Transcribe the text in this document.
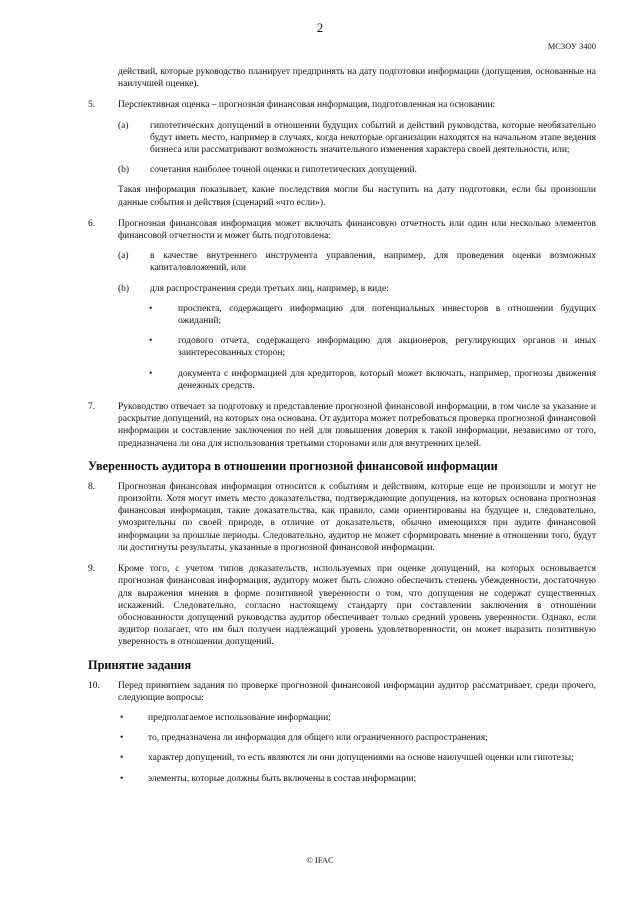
2
МСЗОУ 3400

действий, которые руководство планирует предпринять на дату подготовки информации (допущения, основанные на наилучшей оценке).

5. Перспективная оценка – прогнозная финансовая информация, подготовленная на основании:

(a) гипотетических допущений в отношении будущих событий и действий руководства, которые необязательно будут иметь место, например в случаях, когда некоторые организации находятся на начальном этапе ведения бизнеса или рассматривают возможность значительного изменения характера своей деятельности, или;

(b) сочетания наиболее точной оценки и гипотетических допущений.

Такая информация показывает, какие последствия могли бы наступить на дату подготовки, если бы произошли данные события и действия (сценарий «что если»).

6. Прогнозная финансовая информация может включать финансовую отчетность или один или несколько элементов финансовой отчетности и может быть подготовлена:

(a) в качестве внутреннего инструмента управления, например, для проведения оценки возможных капиталовложений, или

(b) для распространения среди третьих лиц, например, в виде:

• проспекта, содержащего информацию для потенциальных инвесторов в отношении будущих ожиданий;

• годового отчета, содержащего информацию для акционеров, регулирующих органов и иных заинтересованных сторон;

• документа с информацией для кредиторов, который может включать, например, прогнозы движения денежных средств.

7. Руководство отвечает за подготовку и представление прогнозной финансовой информации, в том числе за указание и раскрытие допущений, на которых она основана. От аудитора может потребоваться проверка прогнозной финансовой информации и составление заключения по ней для повышения доверия к такой информации, независимо от того, предназначена ли она для использования третьими сторонами или для внутренних целей.

Уверенность аудитора в отношении прогнозной финансовой информации
8. Прогнозная финансовая информация относится к событиям и действиям, которые еще не произошли и могут не произойти. Хотя могут иметь место доказательства, подтверждающие допущения, на которых основана прогнозная финансовая информация, такие доказательства, как правило, сами ориентированы на будущее и, следовательно, умозрительны по своей природе, в отличие от доказательств, обычно имеющихся при аудите финансовой информации за прошлые периоды. Следовательно, аудитор не может сформировать мнение в отношении того, будут ли достигнуты результаты, указанные в прогнозной финансовой информации.

9. Кроме того, с учетом типов доказательств, используемых при оценке допущений, на которых основывается прогнозная финансовая информация, аудитору может быть сложно обеспечить степень убежденности, достаточную для выражения мнения в форме позитивной уверенности о том, что допущения не содержат существенных искажений. Следовательно, согласно настоящему стандарту при составлении заключения в отношении обоснованности допущений руководства аудитор обеспечивает только средний уровень уверенности. Однако, если аудитор полагает, что им был получен надлежащий уровень удовлетворенности, он может выразить позитивную уверенность в отношении допущений.

Принятие задания
10. Перед принятием задания по проверке прогнозной финансовой информации аудитор рассматривает, среди прочего, следующие вопросы:

• предполагаемое использование информации;

• то, предназначена ли информация для общего или ограниченного распространения;

• характер допущений, то есть являются ли они допущениями на основе наилучшей оценки или гипотезы;

• элементы, которые должны быть включены в состав информации;

© IFAC
